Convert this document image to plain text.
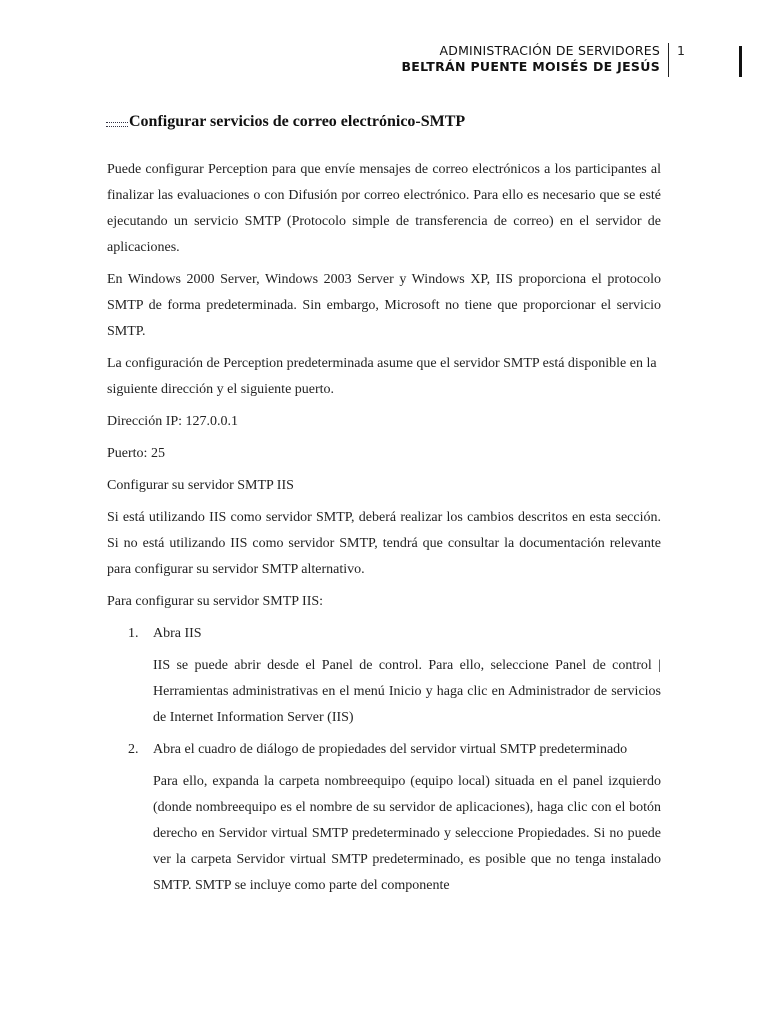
ADMINISTRACIÓN DE SERVIDORES
BELTRÁN PUENTE MOISÉS DE JESÚS
1
Configurar servicios de correo electrónico-SMTP

Puede configurar Perception para que envíe mensajes de correo electrónicos a los participantes al finalizar las evaluaciones o con Difusión por correo electrónico. Para ello es necesario que se esté ejecutando un servicio SMTP (Protocolo simple de transferencia de correo) en el servidor de aplicaciones.

En Windows 2000 Server, Windows 2003 Server y Windows XP, IIS proporciona el protocolo SMTP de forma predeterminada. Sin embargo, Microsoft no tiene que proporcionar el servicio SMTP.

La configuración de Perception predeterminada asume que el servidor SMTP está disponible en la siguiente dirección y el siguiente puerto.

Dirección IP: 127.0.0.1

Puerto: 25

Configurar su servidor SMTP IIS

Si está utilizando IIS como servidor SMTP, deberá realizar los cambios descritos en esta sección. Si no está utilizando IIS como servidor SMTP, tendrá que consultar la documentación relevante para configurar su servidor SMTP alternativo.

Para configurar su servidor SMTP IIS:

1. Abra IIS
IIS se puede abrir desde el Panel de control. Para ello, seleccione Panel de control | Herramientas administrativas en el menú Inicio y haga clic en Administrador de servicios de Internet Information Server (IIS)
2. Abra el cuadro de diálogo de propiedades del servidor virtual SMTP predeterminado
Para ello, expanda la carpeta nombreequipo (equipo local) situada en el panel izquierdo (donde nombreequipo es el nombre de su servidor de aplicaciones), haga clic con el botón derecho en Servidor virtual SMTP predeterminado y seleccione Propiedades. Si no puede ver la carpeta Servidor virtual SMTP predeterminado, es posible que no tenga instalado SMTP. SMTP se incluye como parte del componente
